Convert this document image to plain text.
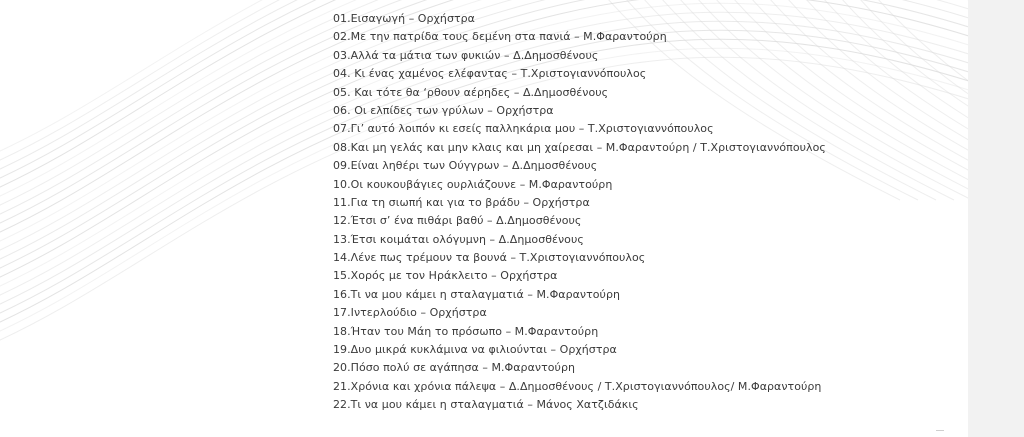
01.Εισαγωγή – Ορχήστρα
02.Με την πατρίδα τους δεμένη στα πανιά – Μ.Φαραντούρη
03.Αλλά τα μάτια των φυκιών – Δ.Δημοσθένους
04. Κι ένας χαμένος ελέφαντας – Τ.Χριστογιαννόπουλος
05. Και τότε θα ‘ρθουν αέρηδες – Δ.Δημοσθένους
06. Οι ελπίδες των γρύλων – Ορχήστρα
07.Γι’ αυτό λοιπόν κι εσείς παλληκάρια μου – Τ.Χριστογιαννόπουλος
08.Και μη γελάς και μην κλαις και μη χαίρεσαι – Μ.Φαραντούρη / Τ.Χριστογιαννόπουλος
09.Είναι ληθέρι των Ούγγρων – Δ.Δημοσθένους
10.Οι κουκουβάγιες ουρλιάζουνε – Μ.Φαραντούρη
11.Για τη σιωπή και για το βράδυ – Ορχήστρα
12.Έτσι σ’ ένα πιθάρι βαθύ – Δ.Δημοσθένους
13.Έτσι κοιμάται ολόγυμνη – Δ.Δημοσθένους
14.Λένε πως τρέμουν τα βουνά – Τ.Χριστογιαννόπουλος
15.Χορός με τον Ηράκλειτο – Ορχήστρα
16.Τι να μου κάμει η σταλαγματιά – Μ.Φαραντούρη
17.Ιντερλούδιο – Ορχήστρα
18.Ήταν του Μάη το πρόσωπο – Μ.Φαραντούρη
19.Δυο μικρά κυκλάμινα να φιλιούνται – Ορχήστρα
20.Πόσο πολύ σε αγάπησα – Μ.Φαραντούρη
21.Χρόνια και χρόνια πάλεψα – Δ.Δημοσθένους / Τ.Χριστογιαννόπουλος/ Μ.Φαραντούρη
22.Τι να μου κάμει η σταλαγματιά – Μάνος Χατζιδάκις
